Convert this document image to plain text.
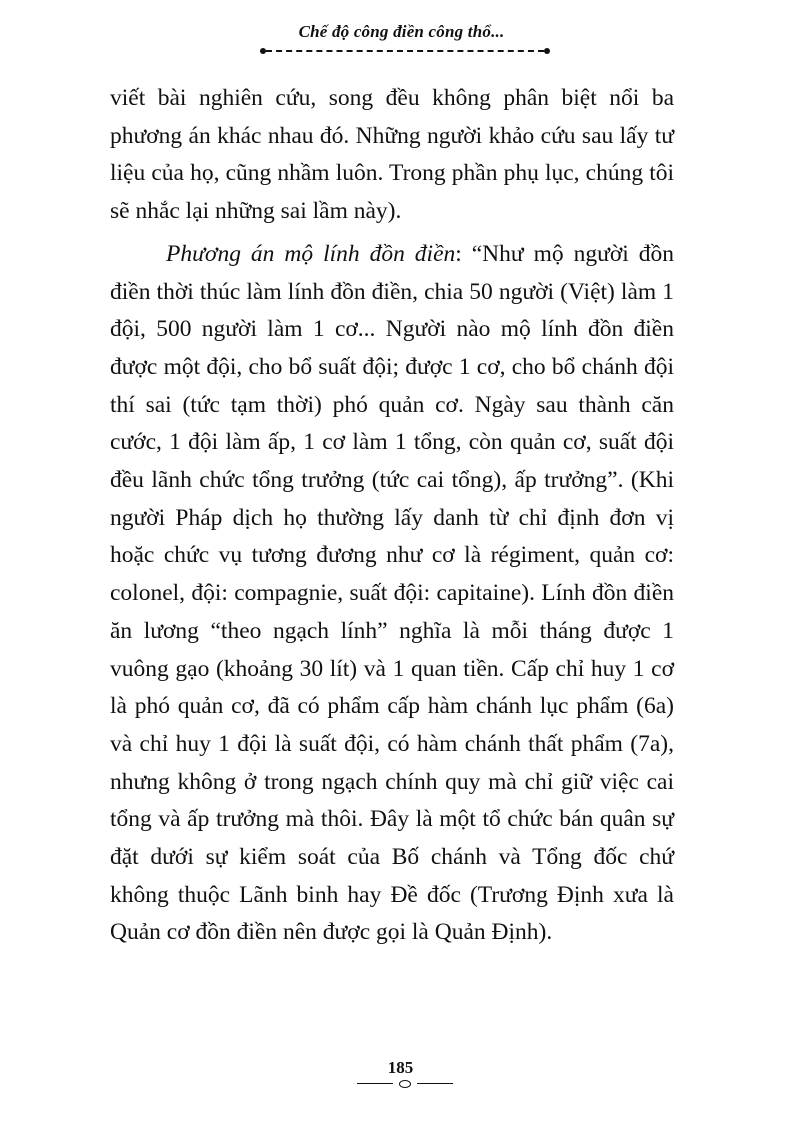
Chế độ công điền công thổ...

viết bài nghiên cứu, song đều không phân biệt nổi ba phương án khác nhau đó. Những người khảo cứu sau lấy tư liệu của họ, cũng nhầm luôn. Trong phần phụ lục, chúng tôi sẽ nhắc lại những sai lầm này).

Phương án mộ lính đồn điền: “Như mộ người đồn điền thời thúc làm lính đồn điền, chia 50 người (Việt) làm 1 đội, 500 người làm 1 cơ... Người nào mộ lính đồn điền được một đội, cho bổ suất đội; được 1 cơ, cho bổ chánh đội thí sai (tức tạm thời) phó quản cơ. Ngày sau thành căn cước, 1 đội làm ấp, 1 cơ làm 1 tổng, còn quản cơ, suất đội đều lãnh chức tổng trưởng (tức cai tổng), ấp trưởng”. (Khi người Pháp dịch họ thường lấy danh từ chỉ định đơn vị hoặc chức vụ tương đương như cơ là régiment, quản cơ: colonel, đội: compagnie, suất đội: capitaine). Lính đồn điền ăn lương “theo ngạch lính” nghĩa là mỗi tháng được 1 vuông gạo (khoảng 30 lít) và 1 quan tiền. Cấp chỉ huy 1 cơ là phó quản cơ, đã có phẩm cấp hàm chánh lục phẩm (6a) và chỉ huy 1 đội là suất đội, có hàm chánh thất phẩm (7a), nhưng không ở trong ngạch chính quy mà chỉ giữ việc cai tổng và ấp trưởng mà thôi. Đây là một tổ chức bán quân sự đặt dưới sự kiểm soát của Bố chánh và Tổng đốc chứ không thuộc Lãnh binh hay Đề đốc (Trương Định xưa là Quản cơ đồn điền nên được gọi là Quản Định).

185
